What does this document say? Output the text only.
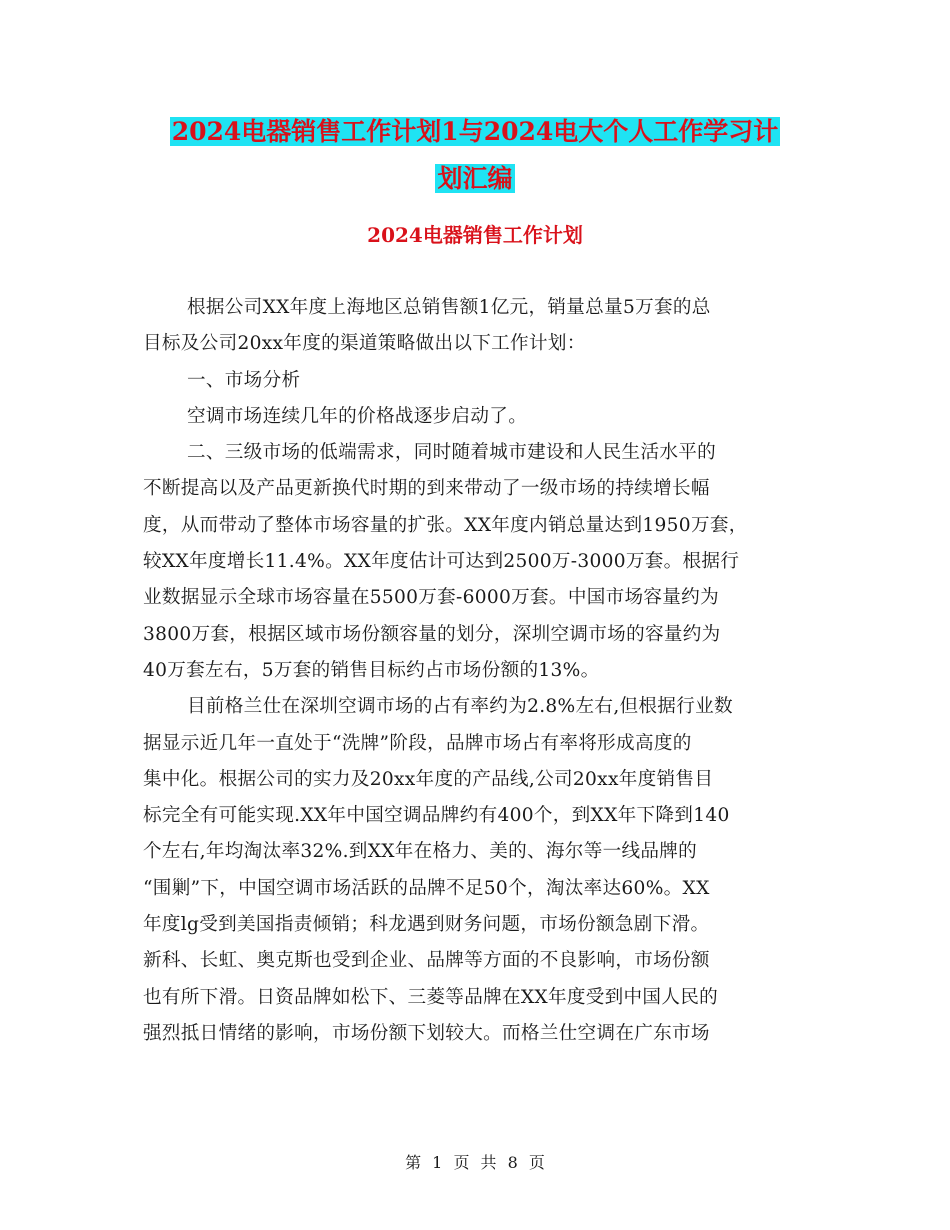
2024电器销售工作计划1与2024电大个人工作学习计
划汇编
2024电器销售工作计划
根据公司XX年度上海地区总销售额1亿元，销量总量5万套的总
目标及公司20xx年度的渠道策略做出以下工作计划：
一、市场分析
空调市场连续几年的价格战逐步启动了。
二、三级市场的低端需求，同时随着城市建设和人民生活水平的
不断提高以及产品更新换代时期的到来带动了一级市场的持续增长幅
度，从而带动了整体市场容量的扩张。XX年度内销总量达到1950万套，
较XX年度增长11.4%。XX年度估计可达到2500万-3000万套。根据行
业数据显示全球市场容量在5500万套-6000万套。中国市场容量约为
3800万套，根据区域市场份额容量的划分，深圳空调市场的容量约为
40万套左右，5万套的销售目标约占市场份额的13%。
目前格兰仕在深圳空调市场的占有率约为2.8%左右,但根据行业数
据显示近几年一直处于“洗牌”阶段，品牌市场占有率将形成高度的
集中化。根据公司的实力及20xx年度的产品线,公司20xx年度销售目
标完全有可能实现.XX年中国空调品牌约有400个，到XX年下降到140
个左右,年均淘汰率32%.到XX年在格力、美的、海尔等一线品牌的
“围剿”下，中国空调市场活跃的品牌不足50个，淘汰率达60%。XX
年度lg受到美国指责倾销；科龙遇到财务问题，市场份额急剧下滑。
新科、长虹、奥克斯也受到企业、品牌等方面的不良影响，市场份额
也有所下滑。日资品牌如松下、三菱等品牌在XX年度受到中国人民的
强烈抵日情绪的影响，市场份额下划较大。而格兰仕空调在广东市场
第 1 页 共 8 页
